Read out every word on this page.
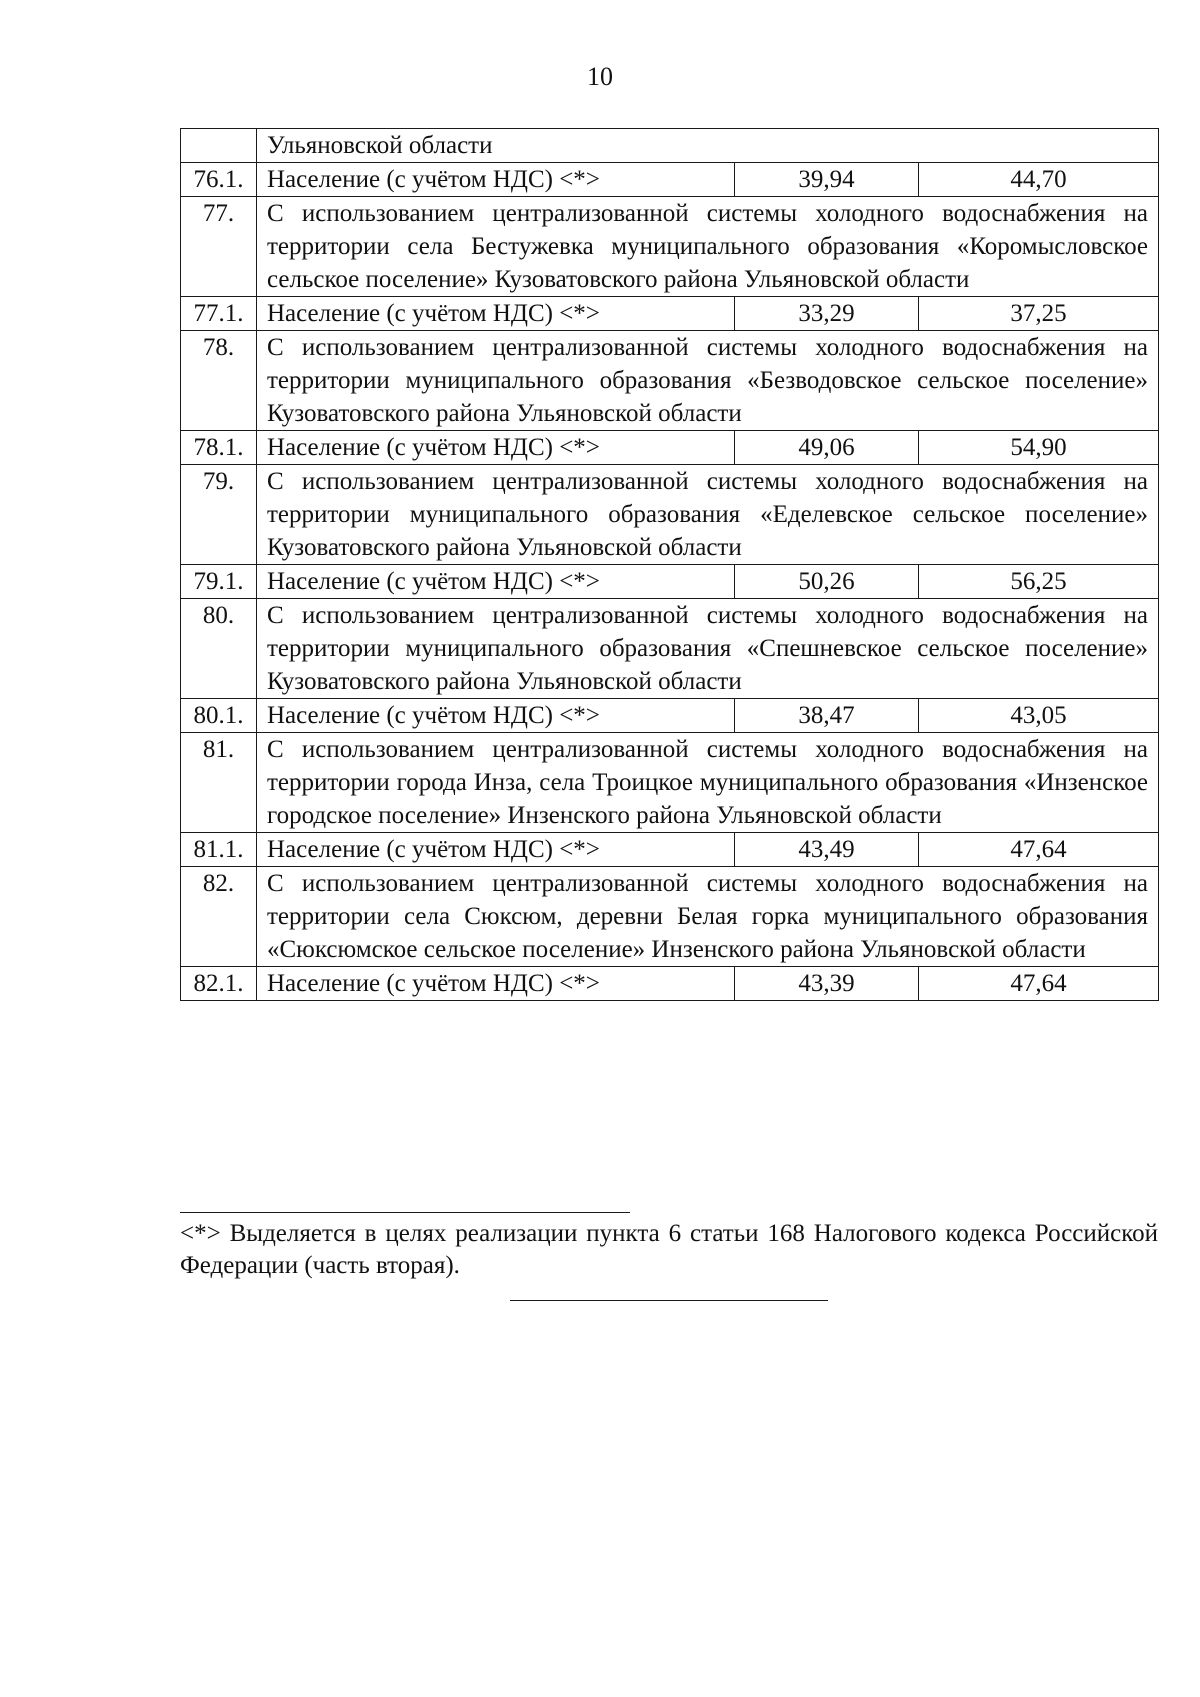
10
	Ульяновской области		
76.1.	Население (с учётом НДС) <*>	39,94	44,70
77.	С использованием централизованной системы холодного водоснабжения на территории села Бестужевка муниципального образования «Коромысловское сельское поселение» Кузоватовского района Ульяновской области		
77.1.	Население (с учётом НДС) <*>	33,29	37,25
78.	С использованием централизованной системы холодного водоснабжения на территории муниципального образования «Безводовское сельское поселение» Кузоватовского района Ульяновской области		
78.1.	Население (с учётом НДС) <*>	49,06	54,90
79.	С использованием централизованной системы холодного водоснабжения на территории муниципального образования «Еделевское сельское поселение» Кузоватовского района Ульяновской области		
79.1.	Население (с учётом НДС) <*>	50,26	56,25
80.	С использованием централизованной системы холодного водоснабжения на территории муниципального образования «Спешневское сельское поселение» Кузоватовского района Ульяновской области		
80.1.	Население (с учётом НДС) <*>	38,47	43,05
81.	С использованием централизованной системы холодного водоснабжения на территории города Инза, села Троицкое муниципального образования «Инзенское городское поселение» Инзенского района Ульяновской области		
81.1.	Население (с учётом НДС) <*>	43,49	47,64
82.	С использованием централизованной системы холодного водоснабжения на территории села Сюксюм, деревни Белая горка муниципального образования «Сюксюмское сельское поселение» Инзенского района Ульяновской области		
82.1.	Население (с учётом НДС) <*>	43,39	47,64
<*> Выделяется в целях реализации пункта 6 статьи 168 Налогового кодекса Российской Федерации (часть вторая).
